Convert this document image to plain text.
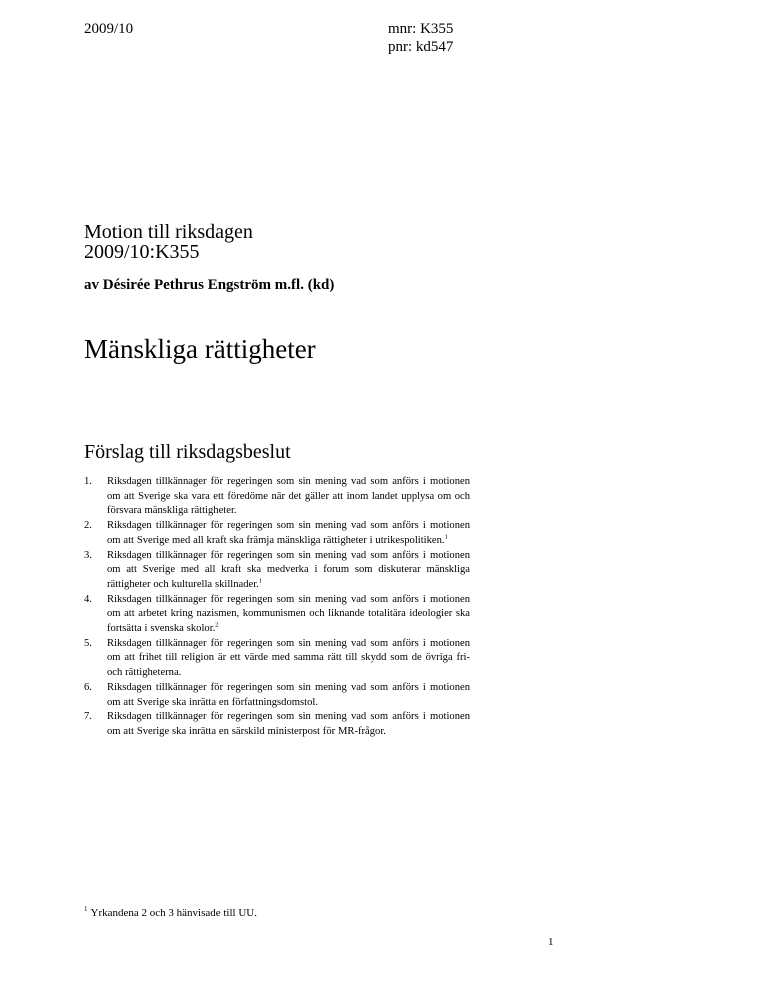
2009/10	mnr: K355
pnr: kd547
Motion till riksdagen
2009/10:K355
av Désirée Pethrus Engström m.fl. (kd)
Mänskliga rättigheter
Förslag till riksdagsbeslut
1.	Riksdagen tillkännager för regeringen som sin mening vad som anförs i motionen om att Sverige ska vara ett föredöme när det gäller att inom landet upplysa om och försvara mänskliga rättigheter.
2.	Riksdagen tillkännager för regeringen som sin mening vad som anförs i motionen om att Sverige med all kraft ska främja mänskliga rättigheter i utrikespolitiken.$^1$
3.	Riksdagen tillkännager för regeringen som sin mening vad som anförs i motionen om att Sverige med all kraft ska medverka i forum som diskuterar mänskliga rättigheter och kulturella skillnader.$^1$
4.	Riksdagen tillkännager för regeringen som sin mening vad som anförs i motionen om att arbetet kring nazismen, kommunismen och liknande totalitära ideologier ska fortsätta i svenska skolor.$^2$
5.	Riksdagen tillkännager för regeringen som sin mening vad som anförs i motionen om att frihet till religion är ett värde med samma rätt till skydd som de övriga fri- och rättigheterna.
6.	Riksdagen tillkännager för regeringen som sin mening vad som anförs i motionen om att Sverige ska inrätta en författningsdomstol.
7.	Riksdagen tillkännager för regeringen som sin mening vad som anförs i motionen om att Sverige ska inrätta en särskild ministerpost för MR-frågor.
$^1$ Yrkandena 2 och 3 hänvisade till UU.
1
